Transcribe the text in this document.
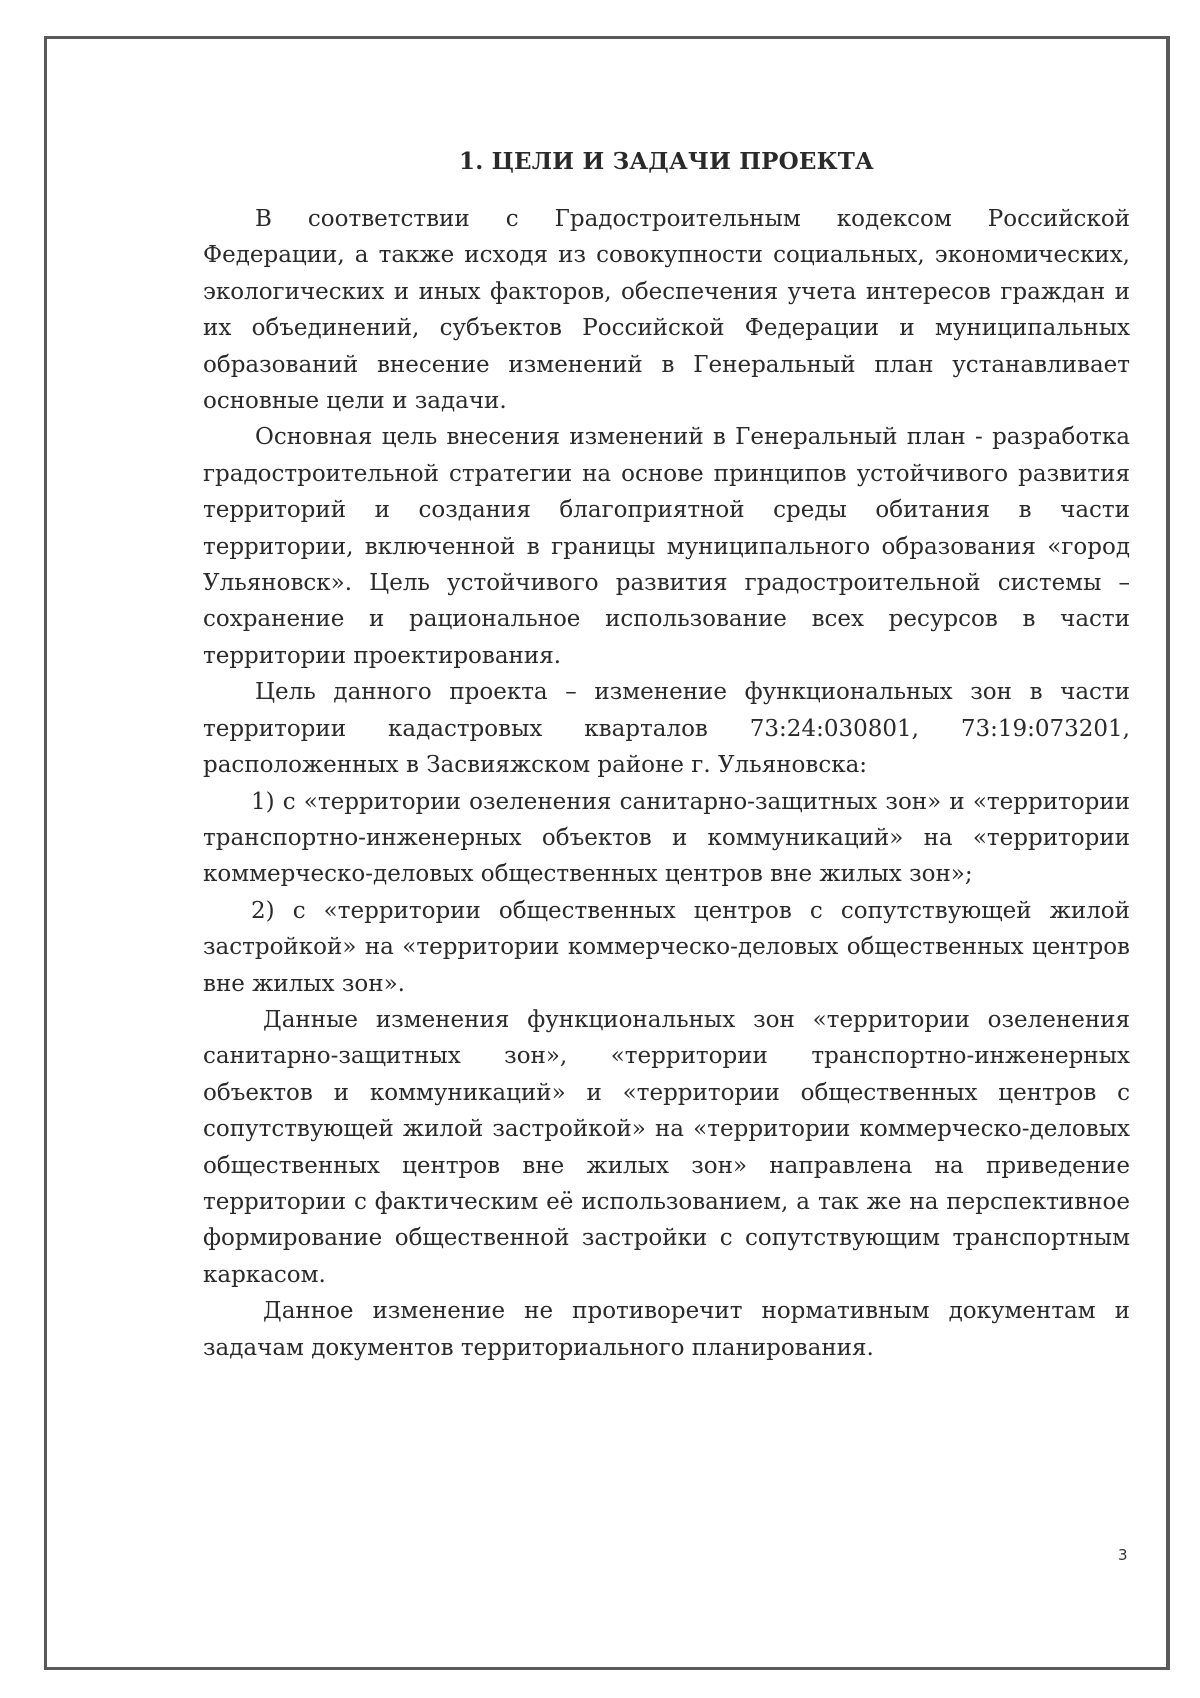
1. ЦЕЛИ И ЗАДАЧИ ПРОЕКТА

В соответствии с Градостроительным кодексом Российской Федерации, а также исходя из совокупности социальных, экономических, экологических и иных факторов, обеспечения учета интересов граждан и их объединений, субъектов Российской Федерации и муниципальных образований внесение изменений в Генеральный план устанавливает основные цели и задачи.

Основная цель внесения изменений в Генеральный план - разработка градостроительной стратегии на основе принципов устойчивого развития территорий и создания благоприятной среды обитания в части территории, включенной в границы муниципального образования «город Ульяновск». Цель устойчивого развития градостроительной системы – сохранение и рациональное использование всех ресурсов в части территории проектирования.

Цель данного проекта – изменение функциональных зон в части территории кадастровых кварталов 73:24:030801, 73:19:073201, расположенных в Засвияжском районе г. Ульяновска:

1) с «территории озеленения санитарно-защитных зон» и «территории транспортно-инженерных объектов и коммуникаций» на «территории коммерческо-деловых общественных центров вне жилых зон»;

2) с «территории общественных центров с сопутствующей жилой застройкой» на «территории коммерческо-деловых общественных центров вне жилых зон».

Данные изменения функциональных зон «территории озеленения санитарно-защитных зон», «территории транспортно-инженерных объектов и коммуникаций» и «территории общественных центров с сопутствующей жилой застройкой» на «территории коммерческо-деловых общественных центров вне жилых зон» направлена на приведение территории с фактическим её использованием, а так же на перспективное формирование общественной застройки с сопутствующим транспортным каркасом.

Данное изменение не противоречит нормативным документам и задачам документов территориального планирования.

3
